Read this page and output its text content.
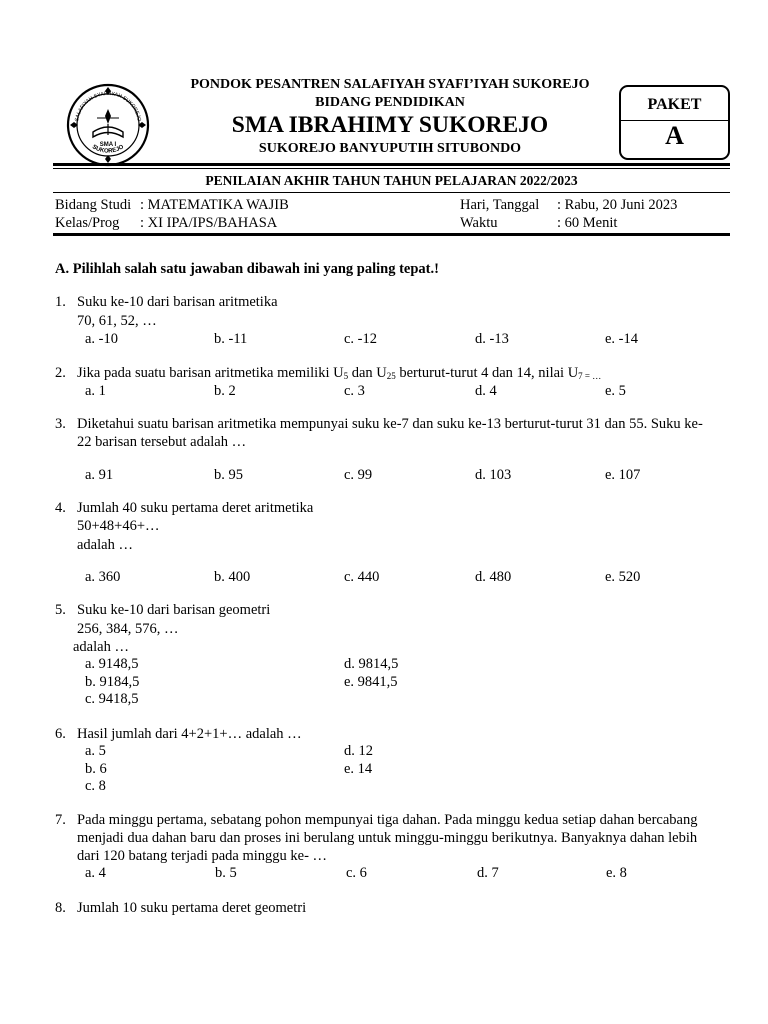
SMA I
SALAFIYAH SYAFI'IYAH SUKOREJO
SUKOREJO
PONDOK PESANTREN SALAFIYAH SYAFI’IYAH SUKOREJO
BIDANG PENDIDIKAN
SMA IBRAHIMY SUKOREJO
SUKOREJO BANYUPUTIH SITUBONDO
PAKET
A
PENILAIAN AKHIR TAHUN TAHUN PELAJARAN 2022/2023
Bidang Studi : MATEMATIKA WAJIB
Kelas/Prog : XI IPA/IPS/BAHASA
Hari, Tanggal : Rabu, 20 Juni 2023
Waktu	: 60 Menit
A. Pilihlah salah satu jawaban dibawah ini yang paling tepat.!
1. Suku ke-10 dari barisan aritmetika
70, 61, 52, …
a. -10	b. -11	c. -12	d. -13	e. -14
2. Jika pada suatu barisan aritmetika memiliki $U_5$ dan $U_{25}$ berturut-turut 4 dan 14, nilai $U_{7 = \dots}$
a. 1	b. 2	c. 3	d. 4	e. 5
3. Diketahui suatu barisan aritmetika mempunyai suku ke-7 dan suku ke-13 berturut-turut 31 dan 55. Suku ke-
22 barisan tersebut adalah …
a. 91	b. 95	c. 99	d. 103	e. 107
4. Jumlah 40 suku pertama deret aritmetika
50+48+46+…
adalah …
a. 360	b. 400	c. 440	d. 480	e. 520
5. Suku ke-10 dari barisan geometri
256, 384, 576, …
adalah …
a. 9148,5
b. 9184,5
c. 9418,5
d. 9814,5
e. 9841,5
6. Hasil jumlah dari 4+2+1+… adalah …
a. 5
b. 6
c. 8
d. 12
e. 14
7. Pada minggu pertama, sebatang pohon mempunyai tiga dahan. Pada minggu kedua setiap dahan bercabang
menjadi dua dahan baru dan proses ini berulang untuk minggu-minggu berikutnya. Banyaknya dahan lebih
dari 120 batang terjadi pada minggu ke- …
a. 4	b. 5	c. 6	d. 7	e. 8
8. Jumlah 10 suku pertama deret geometri
